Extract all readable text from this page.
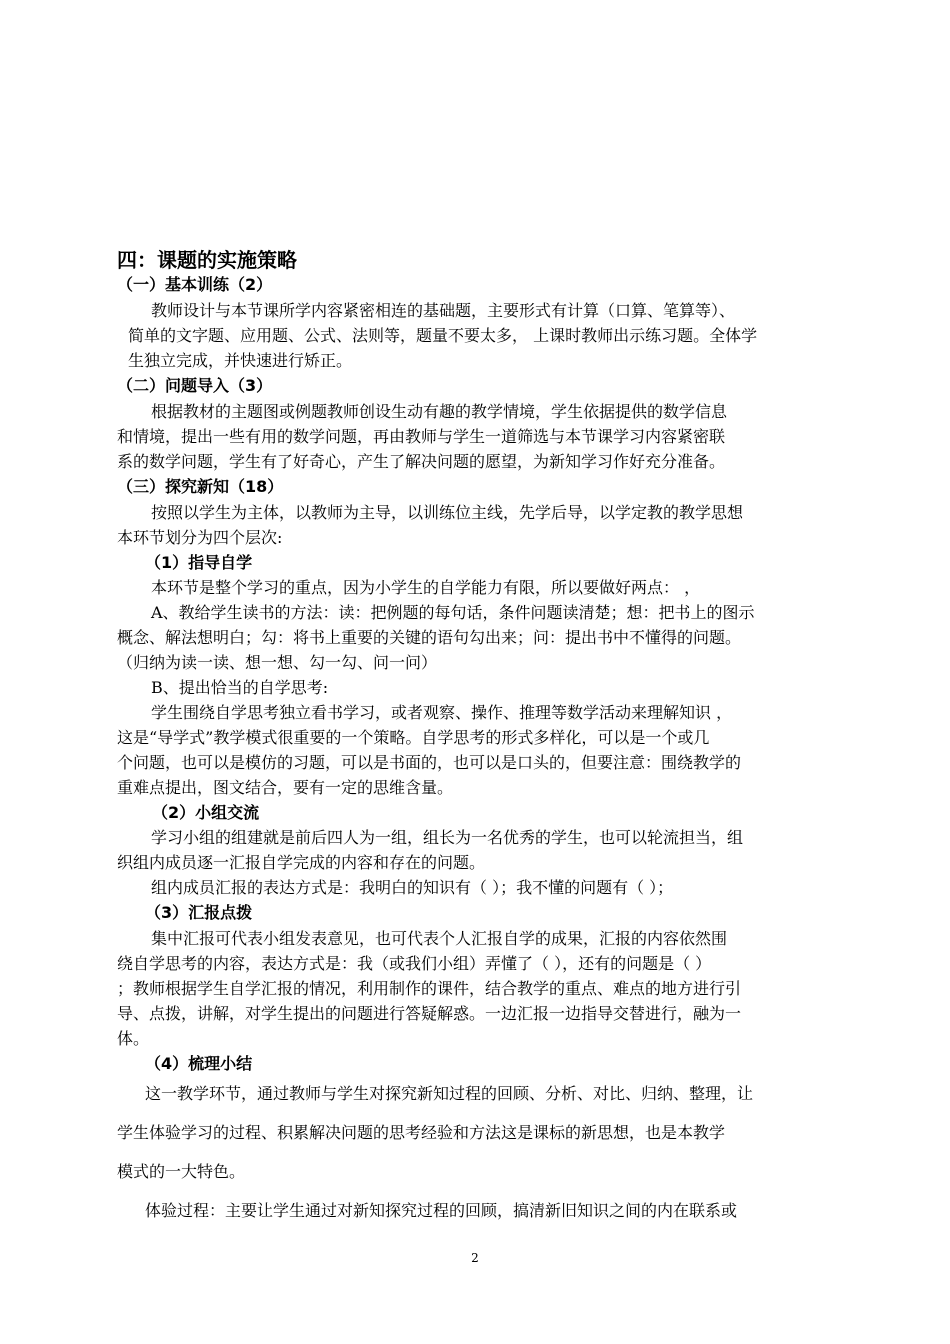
四：课题的实施策略
（一）基本训练（2）
教师设计与本节课所学内容紧密相连的基础题，主要形式有计算（口算、笔算等）、
简单的文字题、应用题、公式、法则等，题量不要太多， 上课时教师出示练习题。全体学
生独立完成，并快速进行矫正。
（二）问题导入（3）
根据教材的主题图或例题教师创设生动有趣的教学情境，学生依据提供的数学信息
和情境，提出一些有用的数学问题，再由教师与学生一道筛选与本节课学习内容紧密联
系的数学问题，学生有了好奇心，产生了解决问题的愿望，为新知学习作好充分准备。
（三）探究新知（18）
按照以学生为主体，以教师为主导，以训练位主线，先学后导，以学定教的教学思想
本环节划分为四个层次:
（1）指导自学
本环节是整个学习的重点，因为小学生的自学能力有限，所以要做好两点： ，
A、教给学生读书的方法：读：把例题的每句话，条件问题读清楚；想：把书上的图示
概念、解法想明白；勾：将书上重要的关键的语句勾出来；问：提出书中不懂得的问题。
（归纳为读一读、想一想、勾一勾、问一问）
B、提出恰当的自学思考:
学生围绕自学思考独立看书学习，或者观察、操作、推理等数学活动来理解知识 ，
这是“导学式”教学模式很重要的一个策略。自学思考的形式多样化，可以是一个或几
个问题，也可以是模仿的习题，可以是书面的，也可以是口头的，但要注意：围绕教学的
重难点提出，图文结合，要有一定的思维含量。
（2）小组交流
学习小组的组建就是前后四人为一组，组长为一名优秀的学生，也可以轮流担当，组
织组内成员逐一汇报自学完成的内容和存在的问题。
组内成员汇报的表达方式是：我明白的知识有（ ）；我不懂的问题有（ ）；
（3）汇报点拨
集中汇报可代表小组发表意见，也可代表个人汇报自学的成果，汇报的内容依然围
绕自学思考的内容，表达方式是：我（或我们小组）弄懂了（ ），还有的问题是（ ）
；教师根据学生自学汇报的情况，利用制作的课件，结合教学的重点、难点的地方进行引
导、点拨，讲解，对学生提出的问题进行答疑解惑。一边汇报一边指导交替进行，融为一
体。
（4）梳理小结
这一教学环节，通过教师与学生对探究新知过程的回顾、分析、对比、归纳、整理，让
学生体验学习的过程、积累解决问题的思考经验和方法这是课标的新思想，也是本教学
模式的一大特色。
体验过程：主要让学生通过对新知探究过程的回顾，搞清新旧知识之间的内在联系或
2
